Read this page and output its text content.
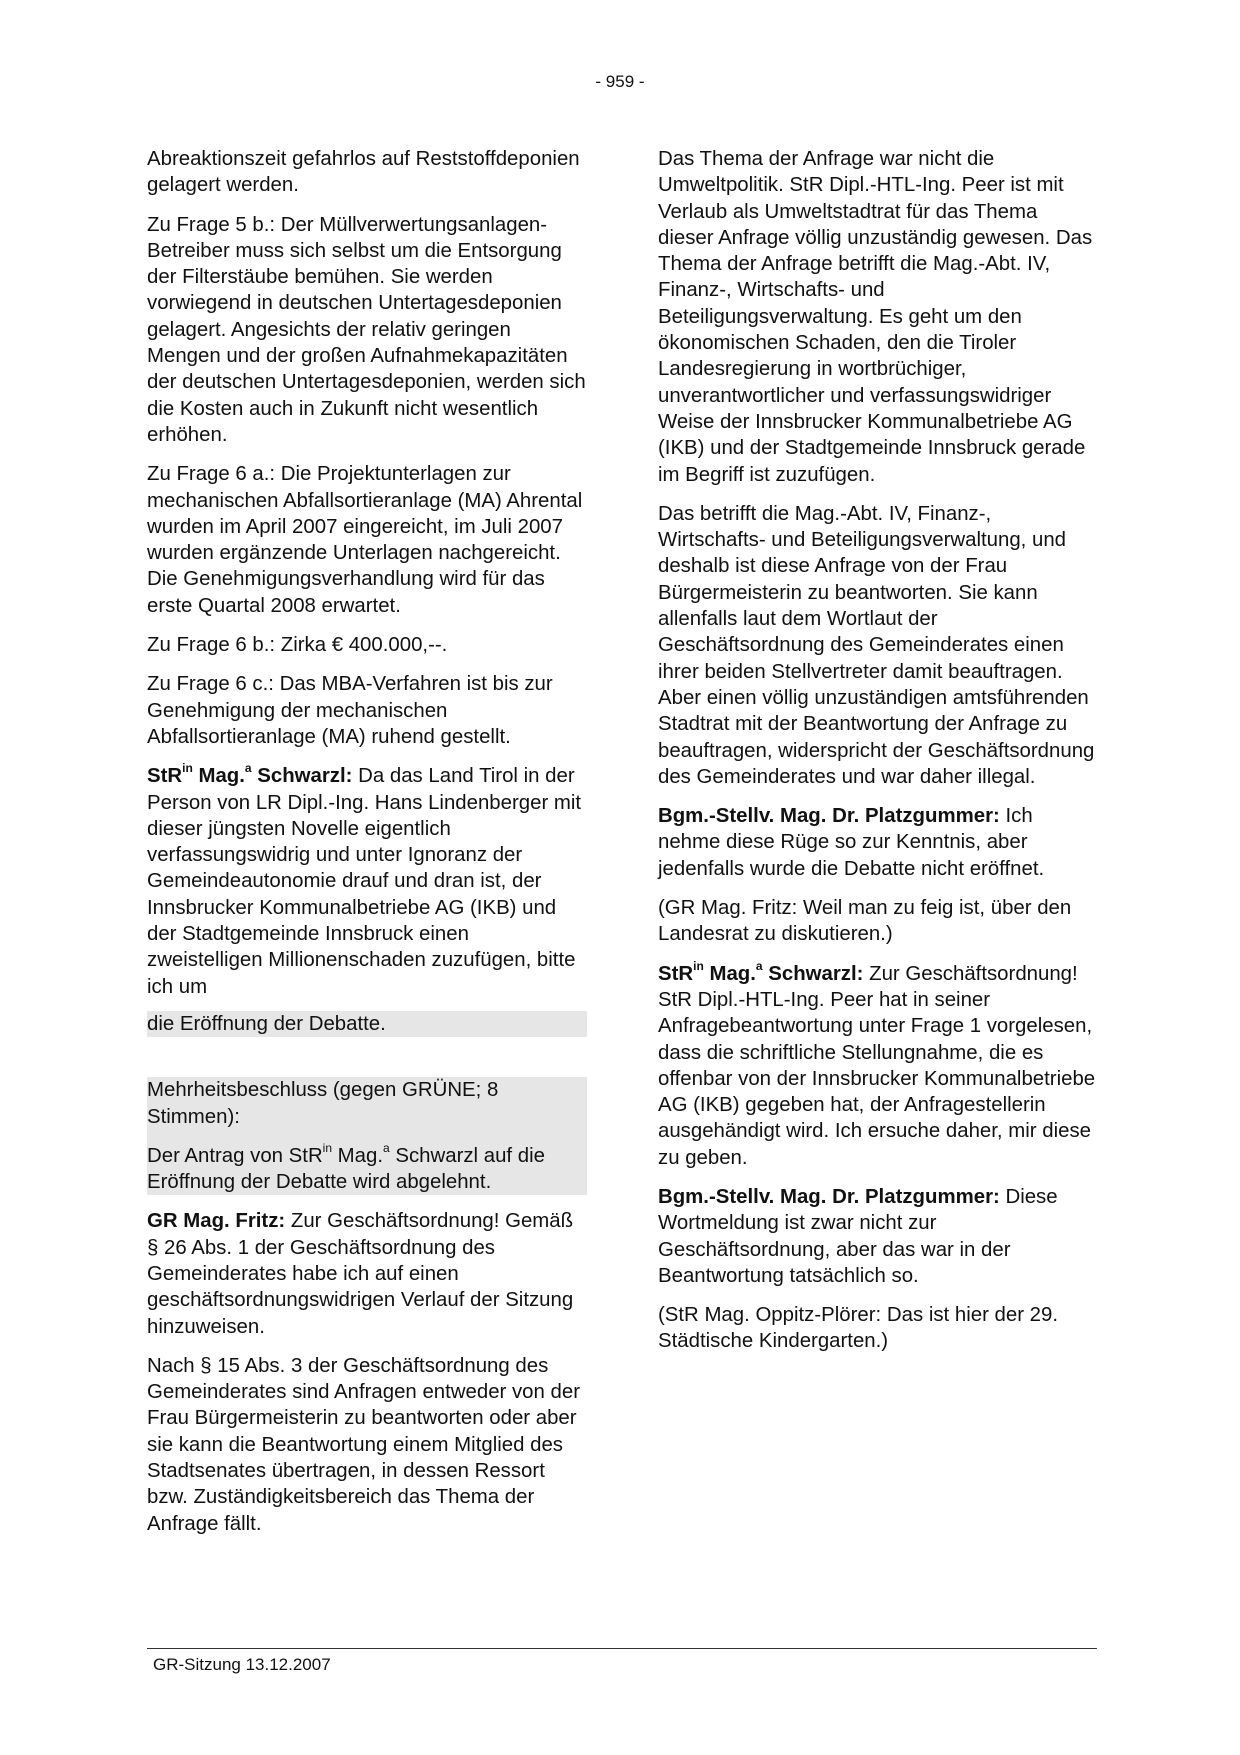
- 959 -

Abreaktionszeit gefahrlos auf Reststoffdeponien gelagert werden.

Zu Frage 5 b.: Der Müllverwertungsanlagen-Betreiber muss sich selbst um die Entsorgung der Filterstäube bemühen. Sie werden vorwiegend in deutschen Untertagesdeponien gelagert. Angesichts der relativ geringen Mengen und der großen Aufnahmekapazitäten der deutschen Untertagesdeponien, werden sich die Kosten auch in Zukunft nicht wesentlich erhöhen.

Zu Frage 6 a.: Die Projektunterlagen zur mechanischen Abfallsortieranlage (MA) Ahrental wurden im April 2007 eingereicht, im Juli 2007 wurden ergänzende Unterlagen nachgereicht. Die Genehmigungsverhandlung wird für das erste Quartal 2008 erwartet.

Zu Frage 6 b.: Zirka € 400.000,--.

Zu Frage 6 c.: Das MBA-Verfahren ist bis zur Genehmigung der mechanischen Abfallsortieranlage (MA) ruhend gestellt.

StR$^{in}$ Mag.$^a$ Schwarzl: Da das Land Tirol in der Person von LR Dipl.-Ing. Hans Lindenberger mit dieser jüngsten Novelle eigentlich verfassungswidrig und unter Ignoranz der Gemeindeautonomie drauf und dran ist, der Innsbrucker Kommunalbetriebe AG (IKB) und der Stadtgemeinde Innsbruck einen zweistelligen Millionenschaden zuzufügen, bitte ich um

die Eröffnung der Debatte.

Mehrheitsbeschluss (gegen GRÜNE; 8 Stimmen):

Der Antrag von StR$^{in}$ Mag.$^a$ Schwarzl auf die Eröffnung der Debatte wird abgelehnt.

GR Mag. Fritz: Zur Geschäftsordnung! Gemäß § 26 Abs. 1 der Geschäftsordnung des Gemeinderates habe ich auf einen geschäftsordnungswidrigen Verlauf der Sitzung hinzuweisen.

Nach § 15 Abs. 3 der Geschäftsordnung des Gemeinderates sind Anfragen entweder von der Frau Bürgermeisterin zu beantworten oder aber sie kann die Beantwortung einem Mitglied des Stadtsenates übertragen, in dessen Ressort bzw. Zuständigkeitsbereich das Thema der Anfrage fällt.

Das Thema der Anfrage war nicht die Umweltpolitik. StR Dipl.-HTL-Ing. Peer ist mit Verlaub als Umweltstadtrat für das Thema dieser Anfrage völlig unzuständig gewesen. Das Thema der Anfrage betrifft die Mag.-Abt. IV, Finanz-, Wirtschafts- und Beteiligungsverwaltung. Es geht um den ökonomischen Schaden, den die Tiroler Landesregierung in wortbrüchiger, unverantwortlicher und verfassungswidriger Weise der Innsbrucker Kommunalbetriebe AG (IKB) und der Stadtgemeinde Innsbruck gerade im Begriff ist zuzufügen.

Das betrifft die Mag.-Abt. IV, Finanz-, Wirtschafts- und Beteiligungsverwaltung, und deshalb ist diese Anfrage von der Frau Bürgermeisterin zu beantworten. Sie kann allenfalls laut dem Wortlaut der Geschäftsordnung des Gemeinderates einen ihrer beiden Stellvertreter damit beauftragen. Aber einen völlig unzuständigen amtsführenden Stadtrat mit der Beantwortung der Anfrage zu beauftragen, widerspricht der Geschäftsordnung des Gemeinderates und war daher illegal.

Bgm.-Stellv. Mag. Dr. Platzgummer: Ich nehme diese Rüge so zur Kenntnis, aber jedenfalls wurde die Debatte nicht eröffnet.

(GR Mag. Fritz: Weil man zu feig ist, über den Landesrat zu diskutieren.)

StR$^{in}$ Mag.$^a$ Schwarzl: Zur Geschäftsordnung! StR Dipl.-HTL-Ing. Peer hat in seiner Anfragebeantwortung unter Frage 1 vorgelesen, dass die schriftliche Stellungnahme, die es offenbar von der Innsbrucker Kommunalbetriebe AG (IKB) gegeben hat, der Anfragestellerin ausgehändigt wird. Ich ersuche daher, mir diese zu geben.

Bgm.-Stellv. Mag. Dr. Platzgummer: Diese Wortmeldung ist zwar nicht zur Geschäftsordnung, aber das war in der Beantwortung tatsächlich so.

(StR Mag. Oppitz-Plörer: Das ist hier der 29. Städtische Kindergarten.)

GR-Sitzung 13.12.2007
